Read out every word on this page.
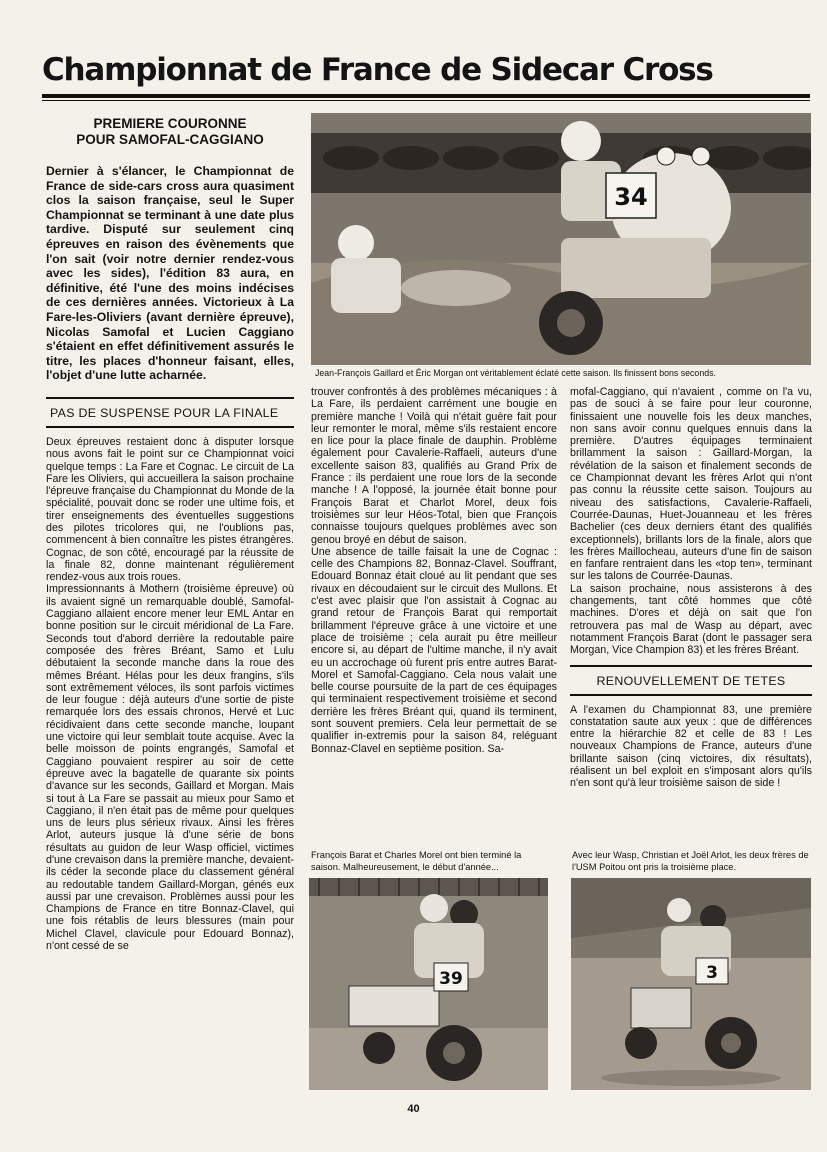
Championnat de France de Sidecar Cross
PREMIERE COURONNE
POUR SAMOFAL-CAGGIANO
Dernier à s'élancer, le Championnat de France de side-cars cross aura quasiment clos la saison française, seul le Super Championnat se terminant à une date plus tardive. Disputé sur seulement cinq épreuves en raison des évènements que l'on sait (voir notre dernier rendez-vous avec les sides), l'édition 83 aura, en définitive, été l'une des moins indécises de ces dernières années. Victorieux à La Fare-les-Oliviers (avant dernière épreuve), Nicolas Samofal et Lucien Caggiano s'étaient en effet définitivement assurés le titre, les places d'honneur faisant, elles, l'objet d'une lutte acharnée.
PAS DE SUSPENSE POUR LA FINALE

Deux épreuves restaient donc à disputer lorsque nous avons fait le point sur ce Championnat voici quelque temps : La Fare et Cognac. Le circuit de La Fare les Oliviers, qui accueillera la saison prochaine l'épreuve française du Championnat du Monde de la spécialité, pouvait donc se roder une ultime fois, et tirer enseignements des éventuelles suggestions des pilotes tricolores qui, ne l'oublions pas, commencent à bien connaître les pistes étrangères. Cognac, de son côté, encouragé par la réussite de la finale 82, donne maintenant régulièrement rendez-vous aux trois roues.

Impressionnants à Mothern (troisième épreuve) où ils avaient signé un remarquable doublé, Samofal-Caggiano allaient encore mener leur EML Antar en bonne position sur le circuit méridional de La Fare. Seconds tout d'abord derrière la redoutable paire composée des frères Bréant, Samo et Lulu débutaient la seconde manche dans la roue des mêmes Bréant. Hélas pour les deux frangins, s'ils sont extrêmement véloces, ils sont parfois victimes de leur fougue : déjà auteurs d'une sortie de piste remarquée lors des essais chronos, Hervé et Luc récidivaient dans cette seconde manche, loupant une victoire qui leur semblait toute acquise. Avec la belle moisson de points engrangés, Samofal et Caggiano pouvaient respirer au soir de cette épreuve avec la bagatelle de quarante six points d'avance sur les seconds, Gaillard et Morgan. Mais si tout à La Fare se passait au mieux pour Samo et Caggiano, il n'en était pas de même pour quelques uns de leurs plus sérieux rivaux. Ainsi les frères Arlot, auteurs jusque là d'une série de bons résultats au guidon de leur Wasp officiel, victimes d'une crevaison dans la première manche, devaient-ils céder la seconde place du classement général au redoutable tandem Gaillard-Morgan, génés eux aussi par une crevaison. Problèmes aussi pour les Champions de France en titre Bonnaz-Clavel, qui une fois rétablis de leurs blessures (main pour Michel Clavel, clavicule pour Edouard Bonnaz), n'ont cessé de se

34
Jean-François Gaillard et Éric Morgan ont véritablement éclaté cette saison. Ils finissent bons seconds.

trouver confrontés à des problèmes mécaniques : à La Fare, ils perdaient carrément une bougie en première manche ! Voilà qui n'était guère fait pour leur remonter le moral, même s'ils restaient encore en lice pour la place finale de dauphin. Problème également pour Cavalerie-Raffaeli, auteurs d'une excellente saison 83, qualifiés au Grand Prix de France : ils perdaient une roue lors de la seconde manche ! A l'opposé, la journée était bonne pour François Barat et Charlot Morel, deux fois troisièmes sur leur Héos-Total, bien que François connaisse toujours quelques problèmes avec son genou broyé en début de saison.

Une absence de taille faisait la une de Cognac : celle des Champions 82, Bonnaz-Clavel. Souffrant, Edouard Bonnaz était cloué au lit pendant que ses rivaux en découdaient sur le circuit des Mullons. Et c'est avec plaisir que l'on assistait à Cognac au grand retour de François Barat qui remportait brillamment l'épreuve grâce à une victoire et une place de troisième ; cela aurait pu être meilleur encore si, au départ de l'ultime manche, il n'y avait eu un accrochage où furent pris entre autres Barat-Morel et Samofal-Caggiano. Cela nous valait une belle course poursuite de la part de ces équipages qui terminaient respectivement troisième et second derrière les frères Bréant qui, quand ils terminent, sont souvent premiers. Cela leur permettait de se qualifier in-extremis pour la saison 84, reléguant Bonnaz-Clavel en septième position. Sa-

mofal-Caggiano, qui n'avaient , comme on l'a vu, pas de souci à se faire pour leur couronne, finissaient une nouvelle fois les deux manches, non sans avoir connu quelques ennuis dans la première. D'autres équipages terminaient brillamment la saison : Gaillard-Morgan, la révélation de la saison et finalement seconds de ce Championnat devant les frères Arlot qui n'ont pas connu la réussite cette saison. Toujours au niveau des satisfactions, Cavalerie-Raffaeli, Courrée-Daunas, Huet-Jouanneau et les frères Bachelier (ces deux derniers étant des qualifiés exceptionnels), brillants lors de la finale, alors que les frères Maillocheau, auteurs d'une fin de saison en fanfare rentraient dans les «top ten», terminant sur les talons de Courrée-Daunas.

La saison prochaine, nous assisterons à des changements, tant côté hommes que côté machines. D'ores et déjà on sait que l'on retrouvera pas mal de Wasp au départ, avec notamment François Barat (dont le passager sera Morgan, Vice Champion 83) et les frères Bréant.

RENOUVELLEMENT DE TETES
A l'examen du Championnat 83, une première constatation saute aux yeux : que de différences entre la hiérarchie 82 et celle de 83 ! Les nouveaux Champions de France, auteurs d'une brillante saison (cinq victoires, dix résultats), réalisent un bel exploit en s'imposant alors qu'ils n'en sont qu'à leur troisième saison de side !
François Barat et Charles Morel ont bien terminé la saison. Malheureusement, le début d'année...
39
Avec leur Wasp, Christian et Joël Arlot, les deux frères de l'USM Poitou ont pris la troisième place.
3
40
